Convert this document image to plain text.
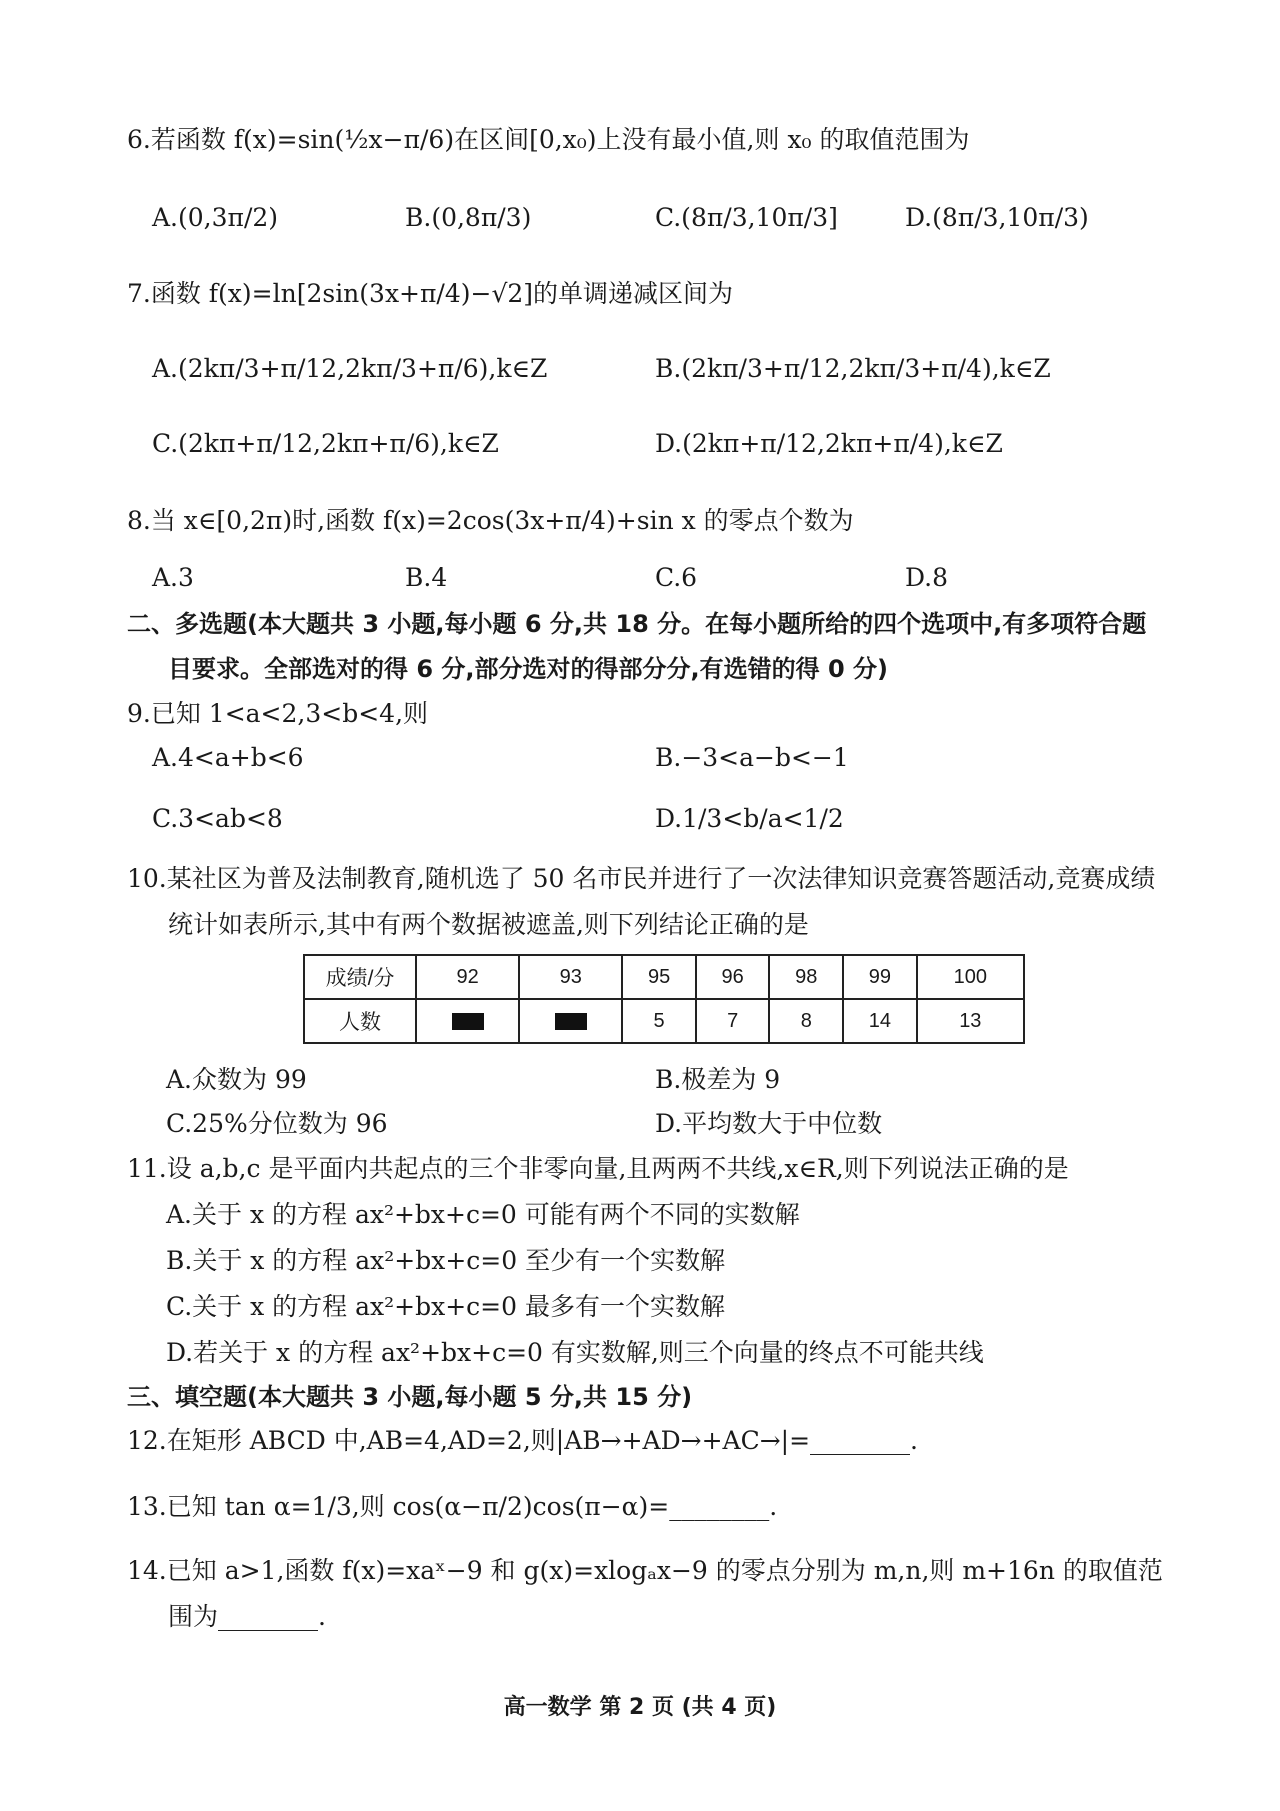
6.若函数 f(x)=sin(½x−π/6)在区间[0,x₀)上没有最小值,则 x₀ 的取值范围为
A.(0,3π/2)	B.(0,8π/3)	C.(8π/3,10π/3]	D.(8π/3,10π/3)
7.函数 f(x)=ln[2sin(3x+π/4)−√2]的单调递减区间为
A.(2kπ/3+π/12,2kπ/3+π/6),k∈Z	B.(2kπ/3+π/12,2kπ/3+π/4),k∈Z
C.(2kπ+π/12,2kπ+π/6),k∈Z	D.(2kπ+π/12,2kπ+π/4),k∈Z
8.当 x∈[0,2π)时,函数 f(x)=2cos(3x+π/4)+sin x 的零点个数为
A.3	B.4	C.6	D.8
二、多选题(本大题共 3 小题,每小题 6 分,共 18 分。在每小题所给的四个选项中,有多项符合题
目要求。全部选对的得 6 分,部分选对的得部分分,有选错的得 0 分)
9.已知 1<a<2,3<b<4,则
A.4<a+b<6	B.−3<a−b<−1
C.3<ab<8	D.1/3<b/a<1/2
10.某社区为普及法制教育,随机选了 50 名市民并进行了一次法律知识竞赛答题活动,竞赛成绩
统计如表所示,其中有两个数据被遮盖,则下列结论正确的是
成绩/分	92	93	95	96	98	99	100
人数			5	7	8	14	13
A.众数为 99	B.极差为 9
C.25%分位数为 96	D.平均数大于中位数
11.设 a,b,c 是平面内共起点的三个非零向量,且两两不共线,x∈R,则下列说法正确的是
A.关于 x 的方程 ax²+bx+c=0 可能有两个不同的实数解
B.关于 x 的方程 ax²+bx+c=0 至少有一个实数解
C.关于 x 的方程 ax²+bx+c=0 最多有一个实数解
D.若关于 x 的方程 ax²+bx+c=0 有实数解,则三个向量的终点不可能共线
三、填空题(本大题共 3 小题,每小题 5 分,共 15 分)
12.在矩形 ABCD 中,AB=4,AD=2,则|AB→+AD→+AC→|=________.
13.已知 tan α=1/3,则 cos(α−π/2)cos(π−α)=________.
14.已知 a>1,函数 f(x)=xaˣ−9 和 g(x)=xlogₐx−9 的零点分别为 m,n,则 m+16n 的取值范
围为________.
高一数学 第 2 页 (共 4 页)
